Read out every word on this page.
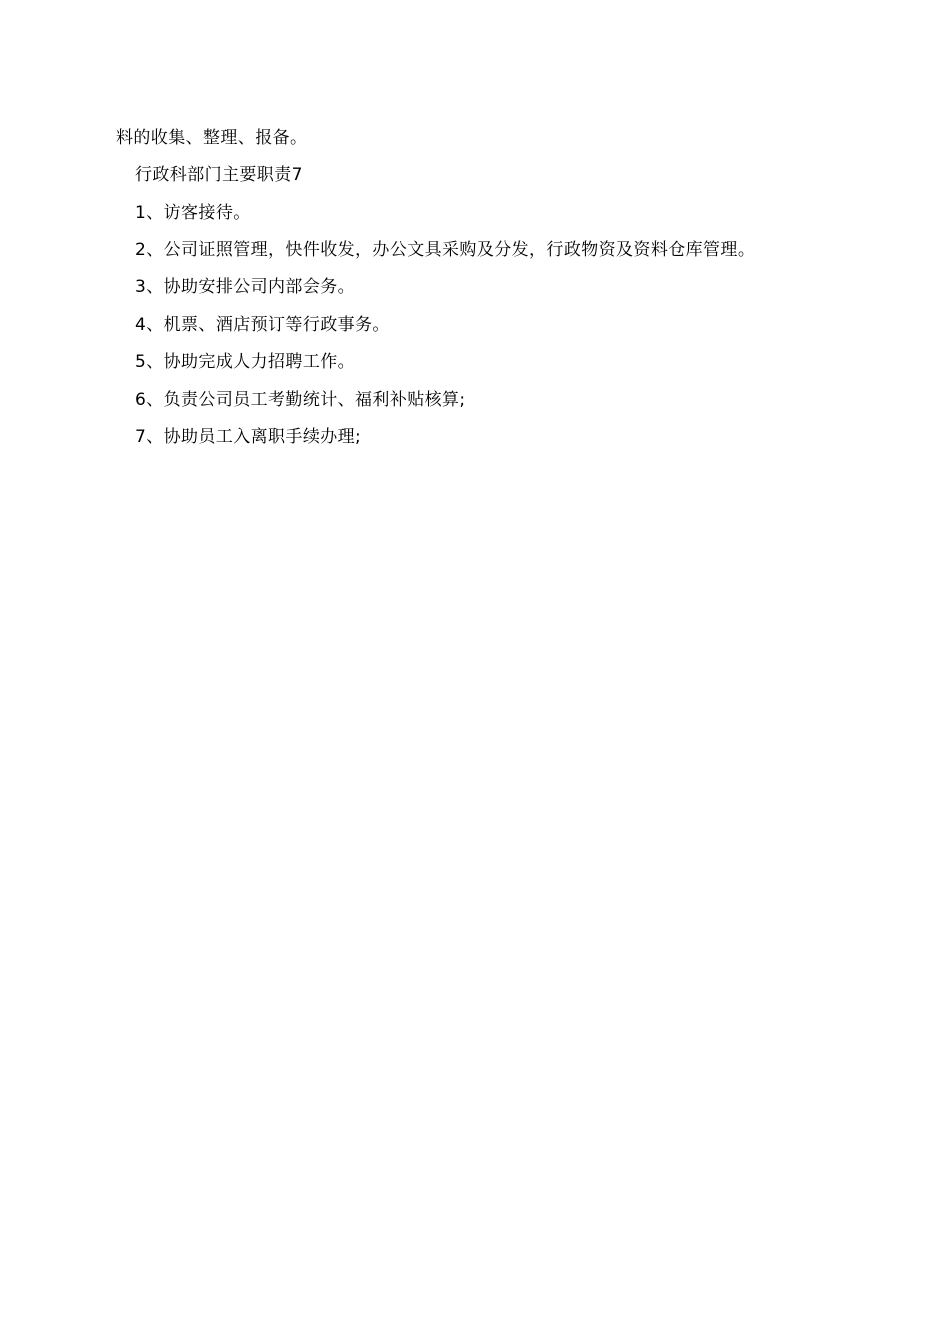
料的收集、整理、报备。
行政科部门主要职责7
1、访客接待。
2、公司证照管理，快件收发，办公文具采购及分发，行政物资及资料仓库管理。
3、协助安排公司内部会务。
4、机票、酒店预订等行政事务。
5、协助完成人力招聘工作。
6、负责公司员工考勤统计、福利补贴核算;
7、协助员工入离职手续办理;
